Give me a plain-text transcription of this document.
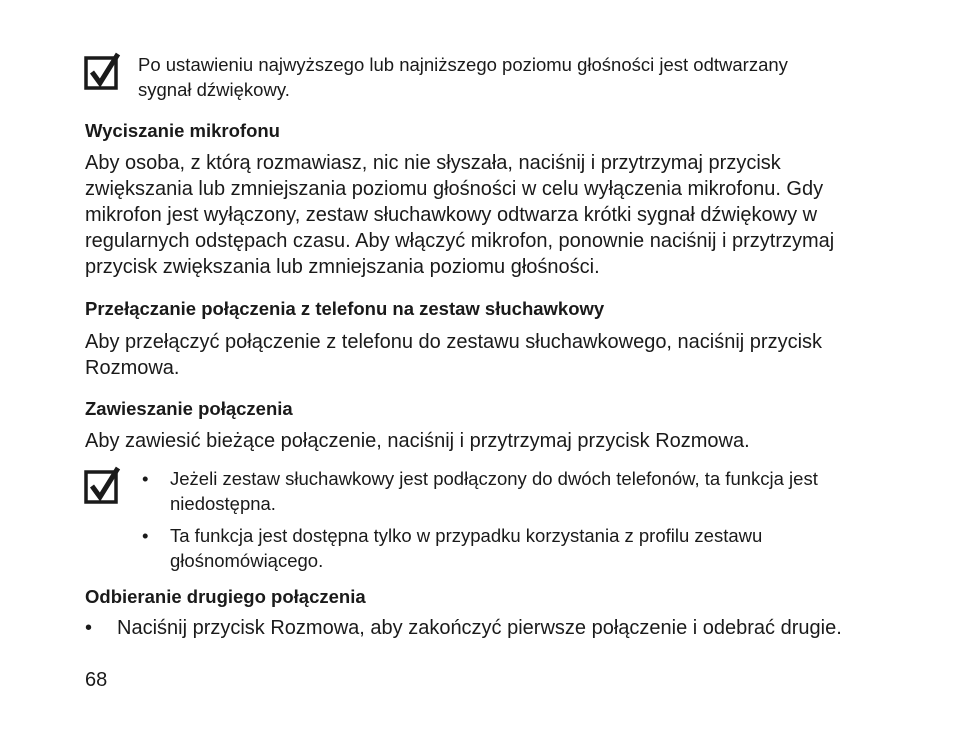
Po ustawieniu najwyższego lub najniższego poziomu głośności jest odtwarzany sygnał dźwiękowy.
Wyciszanie mikrofonu

Aby osoba, z którą rozmawiasz, nic nie słyszała, naciśnij i przytrzymaj przycisk zwiększania lub zmniejszania poziomu głośności w celu wyłączenia mikrofonu. Gdy mikrofon jest wyłączony, zestaw słuchawkowy odtwarza krótki sygnał dźwiękowy w regularnych odstępach czasu. Aby włączyć mikrofon, ponownie naciśnij i przytrzymaj przycisk zwiększania lub zmniejszania poziomu głośności.

Przełączanie połączenia z telefonu na zestaw słuchawkowy

Aby przełączyć połączenie z telefonu do zestawu słuchawkowego, naciśnij przycisk Rozmowa.

Zawieszanie połączenia

Aby zawiesić bieżące połączenie, naciśnij i przytrzymaj przycisk Rozmowa.

• Jeżeli zestaw słuchawkowy jest podłączony do dwóch telefonów, ta funkcja jest niedostępna.
• Ta funkcja jest dostępna tylko w przypadku korzystania z profilu zestawu głośnomówiącego.
Odbieranie drugiego połączenia
• Naciśnij przycisk Rozmowa, aby zakończyć pierwsze połączenie i odebrać drugie.
68
